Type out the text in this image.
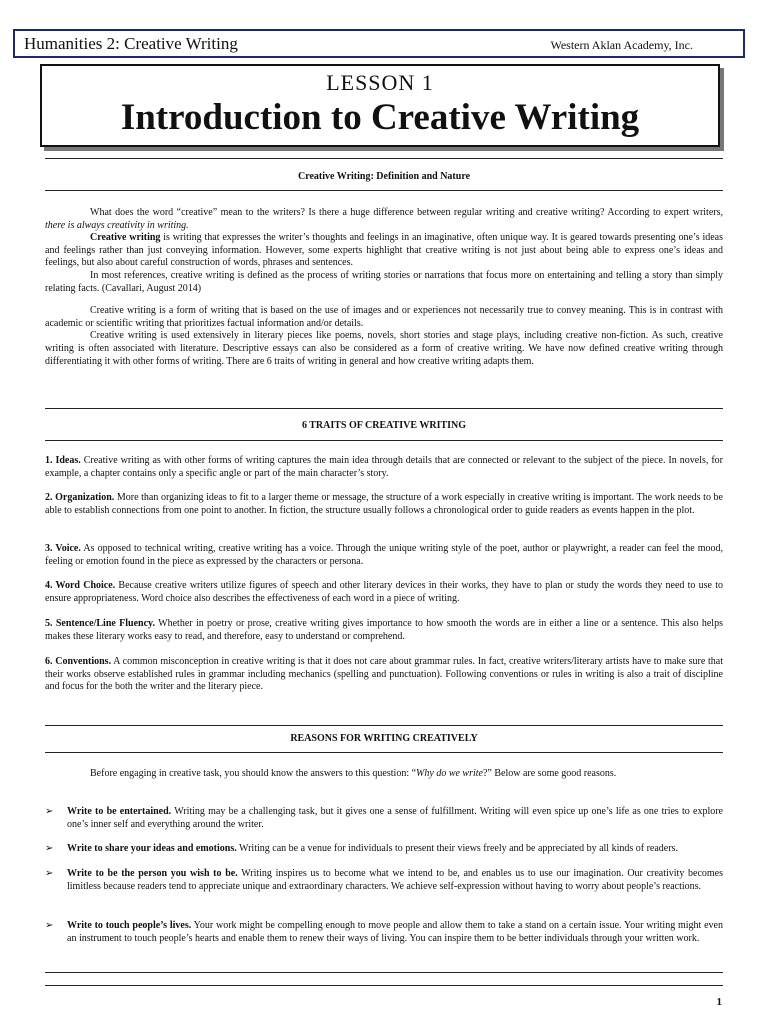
Humanities 2: Creative Writing	Western Aklan Academy, Inc.
LESSON 1
Introduction to Creative Writing
Creative Writing: Definition and Nature

What does the word “creative” mean to the writers? Is there a huge difference between regular writing and creative writing? According to expert writers, there is always creativity in writing.

Creative writing is writing that expresses the writer’s thoughts and feelings in an imaginative, often unique way. It is geared towards presenting one’s ideas and feelings rather than just conveying information. However, some experts highlight that creative writing is not just about being able to express one’s ideas and feelings, but also about careful construction of words, phrases and sentences.

In most references, creative writing is defined as the process of writing stories or narrations that focus more on entertaining and telling a story than simply relating facts. (Cavallari, August 2014)

Creative writing is a form of writing that is based on the use of images and or experiences not necessarily true to convey meaning. This is in contrast with academic or scientific writing that prioritizes factual information and/or details.

Creative writing is used extensively in literary pieces like poems, novels, short stories and stage plays, including creative non-fiction. As such, creative writing is often associated with literature. Descriptive essays can also be considered as a form of creative writing. We have now defined creative writing through differentiating it with other forms of writing. There are 6 traits of writing in general and how creative writing adapts them.

6 TRAITS OF CREATIVE WRITING

1. Ideas. Creative writing as with other forms of writing captures the main idea through details that are connected or relevant to the subject of the piece. In novels, for example, a chapter contains only a specific angle or part of the main character’s story.

2. Organization. More than organizing ideas to fit to a larger theme or message, the structure of a work especially in creative writing is important. The work needs to be able to establish connections from one point to another. In fiction, the structure usually follows a chronological order to guide readers as events happen in the plot.

3. Voice. As opposed to technical writing, creative writing has a voice. Through the unique writing style of the poet, author or playwright, a reader can feel the mood, feeling or emotion found in the piece as expressed by the characters or persona.

4. Word Choice. Because creative writers utilize figures of speech and other literary devices in their works, they have to plan or study the words they need to use to ensure appropriateness. Word choice also describes the effectiveness of each word in a piece of writing.

5. Sentence/Line Fluency. Whether in poetry or prose, creative writing gives importance to how smooth the words are in either a line or a sentence. This also helps makes these literary works easy to read, and therefore, easy to understand or comprehend.

6. Conventions. A common misconception in creative writing is that it does not care about grammar rules. In fact, creative writers/literary artists have to make sure that their works observe established rules in grammar including mechanics (spelling and punctuation). Following conventions or rules in writing is also a trait of discipline and focus for the both the writer and the literary piece.

REASONS FOR WRITING CREATIVELY

Before engaging in creative task, you should know the answers to this question: “Why do we write?” Below are some good reasons.

➢ Write to be entertained. Writing may be a challenging task, but it gives one a sense of fulfillment. Writing will even spice up one’s life as one tries to explore one’s inner self and everything around the writer.
➢ Write to share your ideas and emotions. Writing can be a venue for individuals to present their views freely and be appreciated by all kinds of readers.
➢ Write to be the person you wish to be. Writing inspires us to become what we intend to be, and enables us to use our imagination. Our creativity becomes limitless because readers tend to appreciate unique and extraordinary characters. We achieve self-expression without having to worry about people’s reactions.
➢ Write to touch people’s lives. Your work might be compelling enough to move people and allow them to take a stand on a certain issue. Your writing might even an instrument to touch people’s hearts and enable them to renew their ways of living. You can inspire them to be better individuals through your written work.
1
